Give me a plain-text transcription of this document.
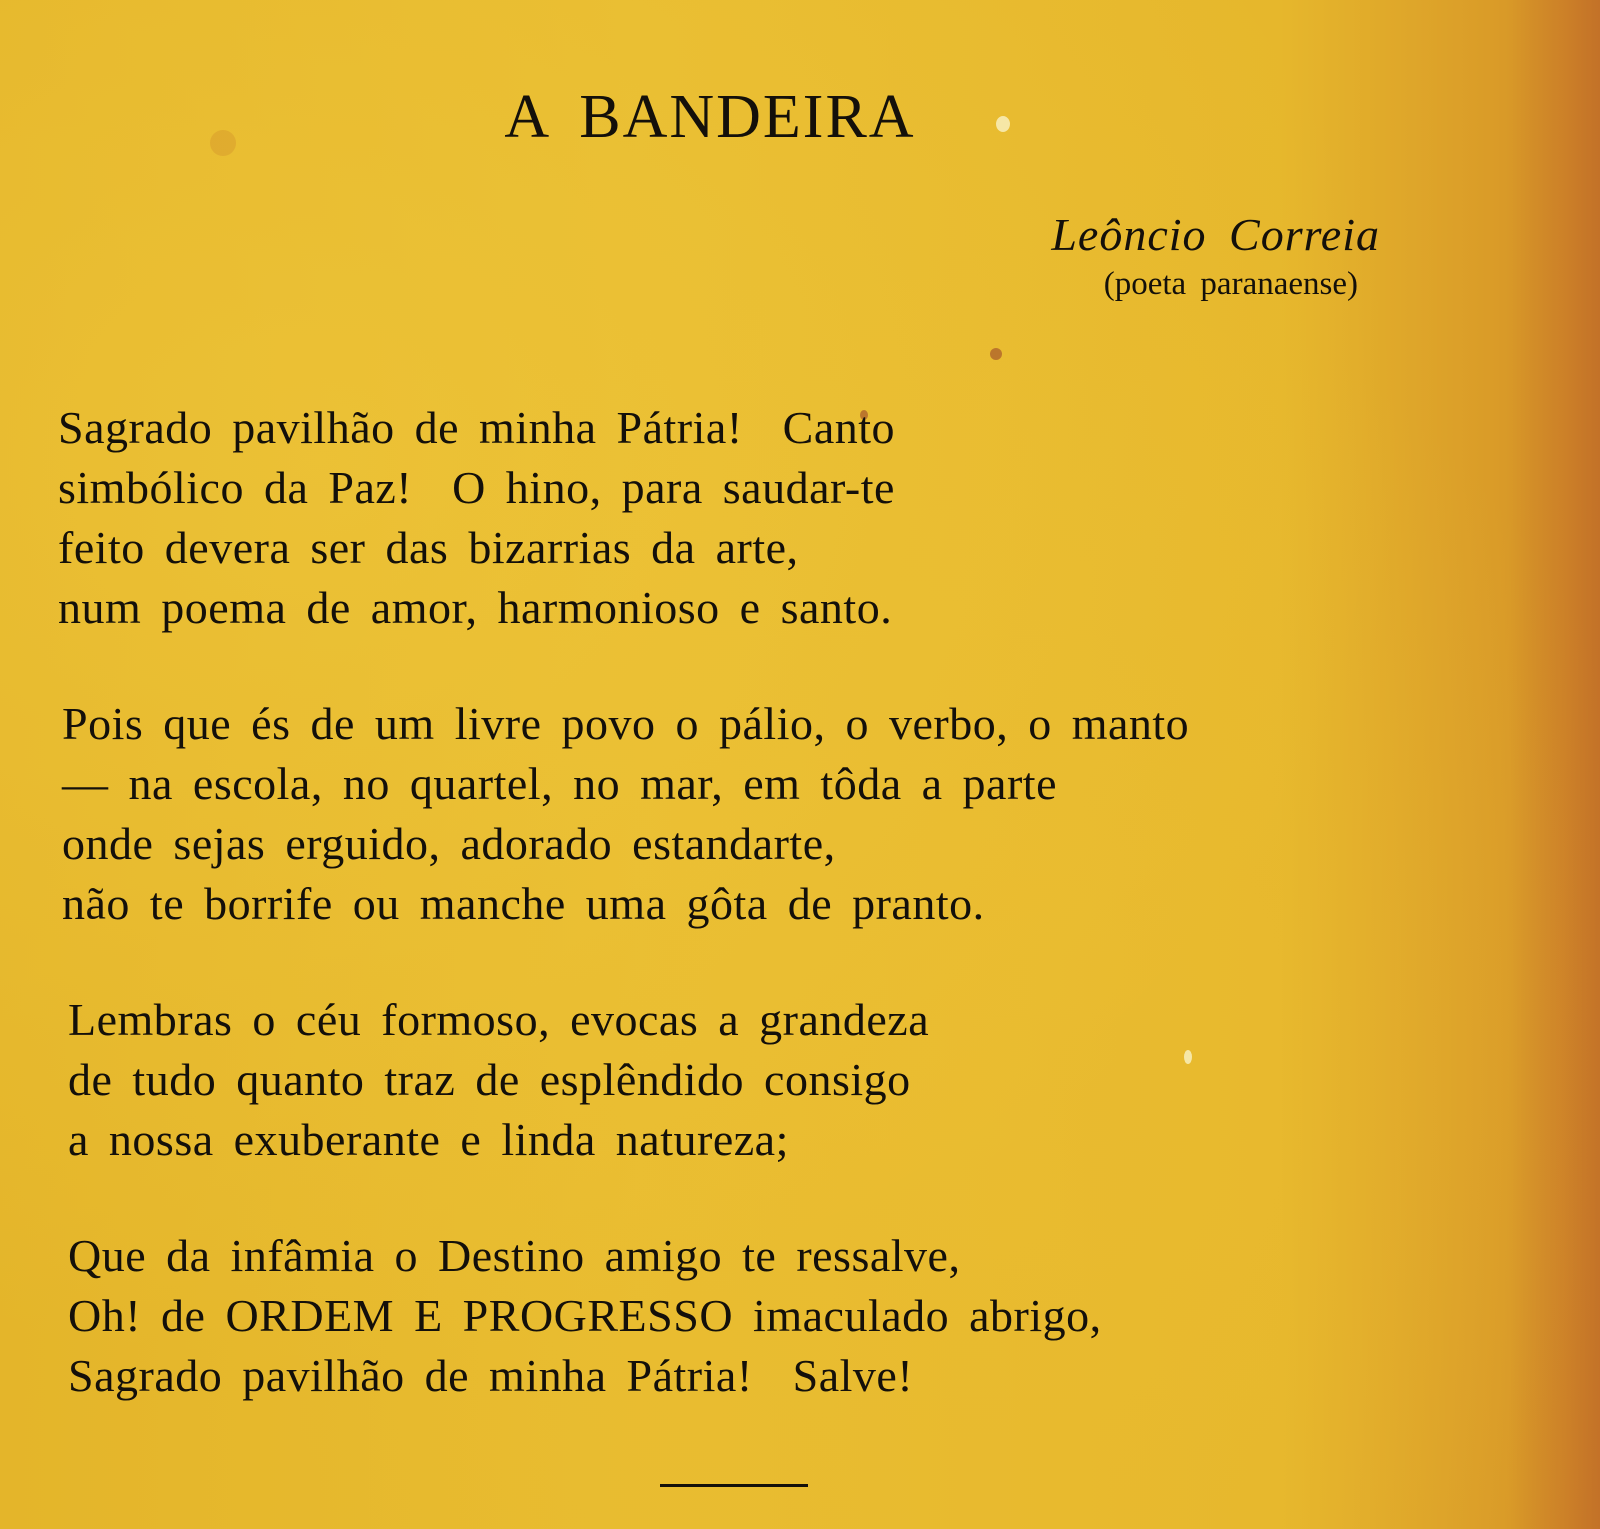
A BANDEIRA
Leôncio Correia
(poeta paranaense)
Sagrado pavilhão de minha Pátria!  Canto
simbólico da Paz!  O hino, para saudar-te
feito devera ser das bizarrias da arte,
num poema de amor, harmonioso e santo.
Pois que és de um livre povo o pálio, o verbo, o manto
— na escola, no quartel, no mar, em tôda a parte
onde sejas erguido, adorado estandarte,
não te borrife ou manche uma gôta de pranto.
Lembras o céu formoso, evocas a grandeza
de tudo quanto traz de esplêndido consigo
a nossa exuberante e linda natureza;
Que da infâmia o Destino amigo te ressalve,
Oh! de ORDEM E PROGRESSO imaculado abrigo,
Sagrado pavilhão de minha Pátria!  Salve!
